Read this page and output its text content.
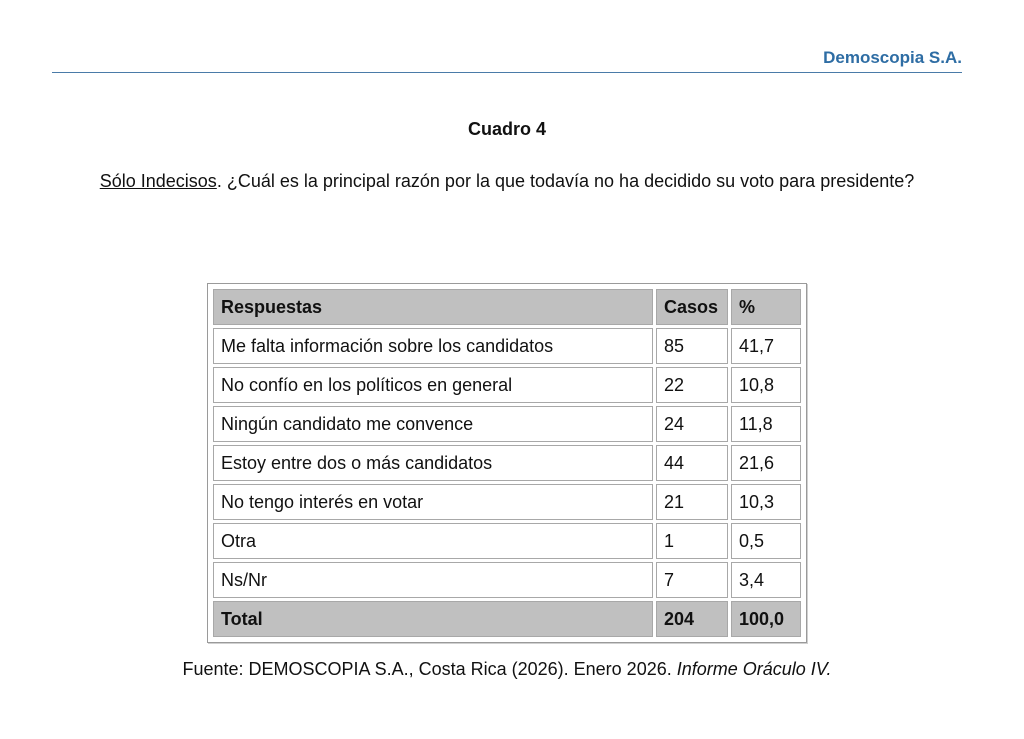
Demoscopia S.A.
Cuadro 4
Sólo Indecisos. ¿Cuál es la principal razón por la que todavía no ha decidido su voto para presidente?
Respuestas	Casos	%
Me falta información sobre los candidatos	85	41,7
No confío en los políticos en general	22	10,8
Ningún candidato me convence	24	11,8
Estoy entre dos o más candidatos	44	21,6
No tengo interés en votar	21	10,3
Otra	1	0,5
Ns/Nr	7	3,4
Total	204	100,0
Fuente: DEMOSCOPIA S.A., Costa Rica (2026). Enero 2026. Informe Oráculo IV.
